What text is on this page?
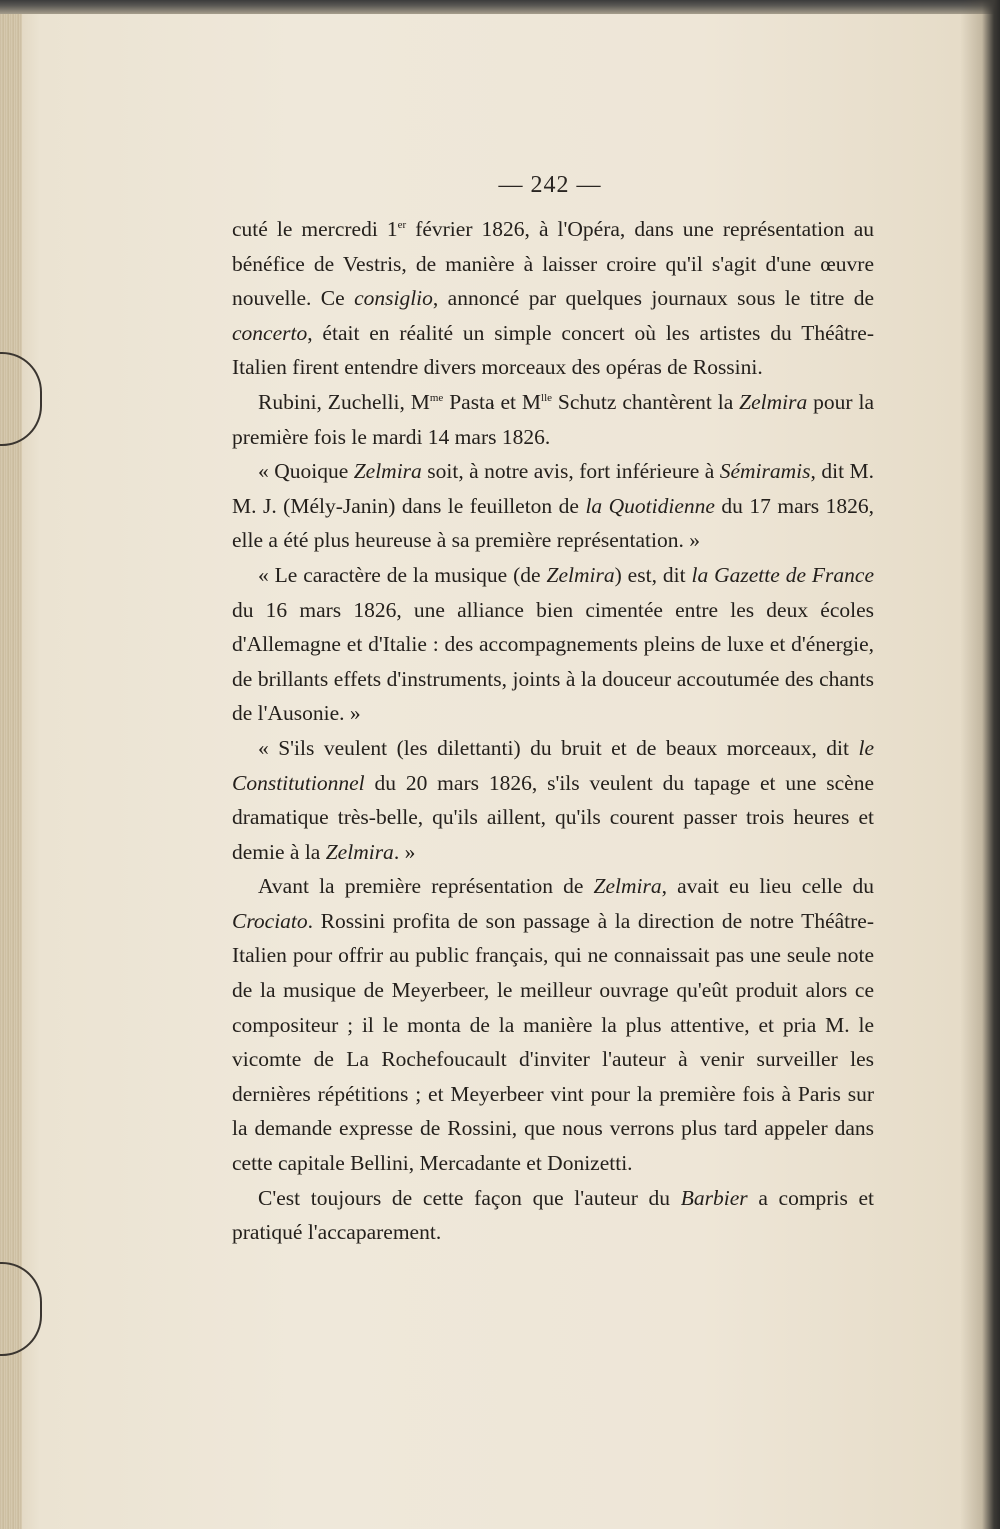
— 242 —

cuté le mercredi 1er février 1826, à l'Opéra, dans une représentation au bénéfice de Vestris, de manière à laisser croire qu'il s'agit d'une œuvre nouvelle. Ce consiglio, annoncé par quelques journaux sous le titre de concerto, était en réalité un simple concert où les artistes du Théâtre-Italien firent entendre divers morceaux des opéras de Rossini.

Rubini, Zuchelli, $M^{me}$ Pasta et $M^{lle}$ Schutz chantèrent la Zelmira pour la première fois le mardi 14 mars 1826.

« Quoique Zelmira soit, à notre avis, fort inférieure à Sémiramis, dit M. M. J. (Mély-Janin) dans le feuilleton de la Quotidienne du 17 mars 1826, elle a été plus heureuse à sa première représentation. »

« Le caractère de la musique (de Zelmira) est, dit la Gazette de France du 16 mars 1826, une alliance bien cimentée entre les deux écoles d'Allemagne et d'Italie : des accompagnements pleins de luxe et d'énergie, de brillants effets d'instruments, joints à la douceur accoutumée des chants de l'Ausonie. »

« S'ils veulent (les dilettanti) du bruit et de beaux morceaux, dit le Constitutionnel du 20 mars 1826, s'ils veulent du tapage et une scène dramatique très-belle, qu'ils aillent, qu'ils courent passer trois heures et demie à la Zelmira. »

Avant la première représentation de Zelmira, avait eu lieu celle du Crociato. Rossini profita de son passage à la direction de notre Théâtre-Italien pour offrir au public français, qui ne connaissait pas une seule note de la musique de Meyerbeer, le meilleur ouvrage qu'eût produit alors ce compositeur ; il le monta de la manière la plus attentive, et pria M. le vicomte de La Rochefoucault d'inviter l'auteur à venir surveiller les dernières répétitions ; et Meyerbeer vint pour la première fois à Paris sur la demande expresse de Rossini, que nous verrons plus tard appeler dans cette capitale Bellini, Mercadante et Donizetti.

C'est toujours de cette façon que l'auteur du Barbier a compris et pratiqué l'accaparement.
